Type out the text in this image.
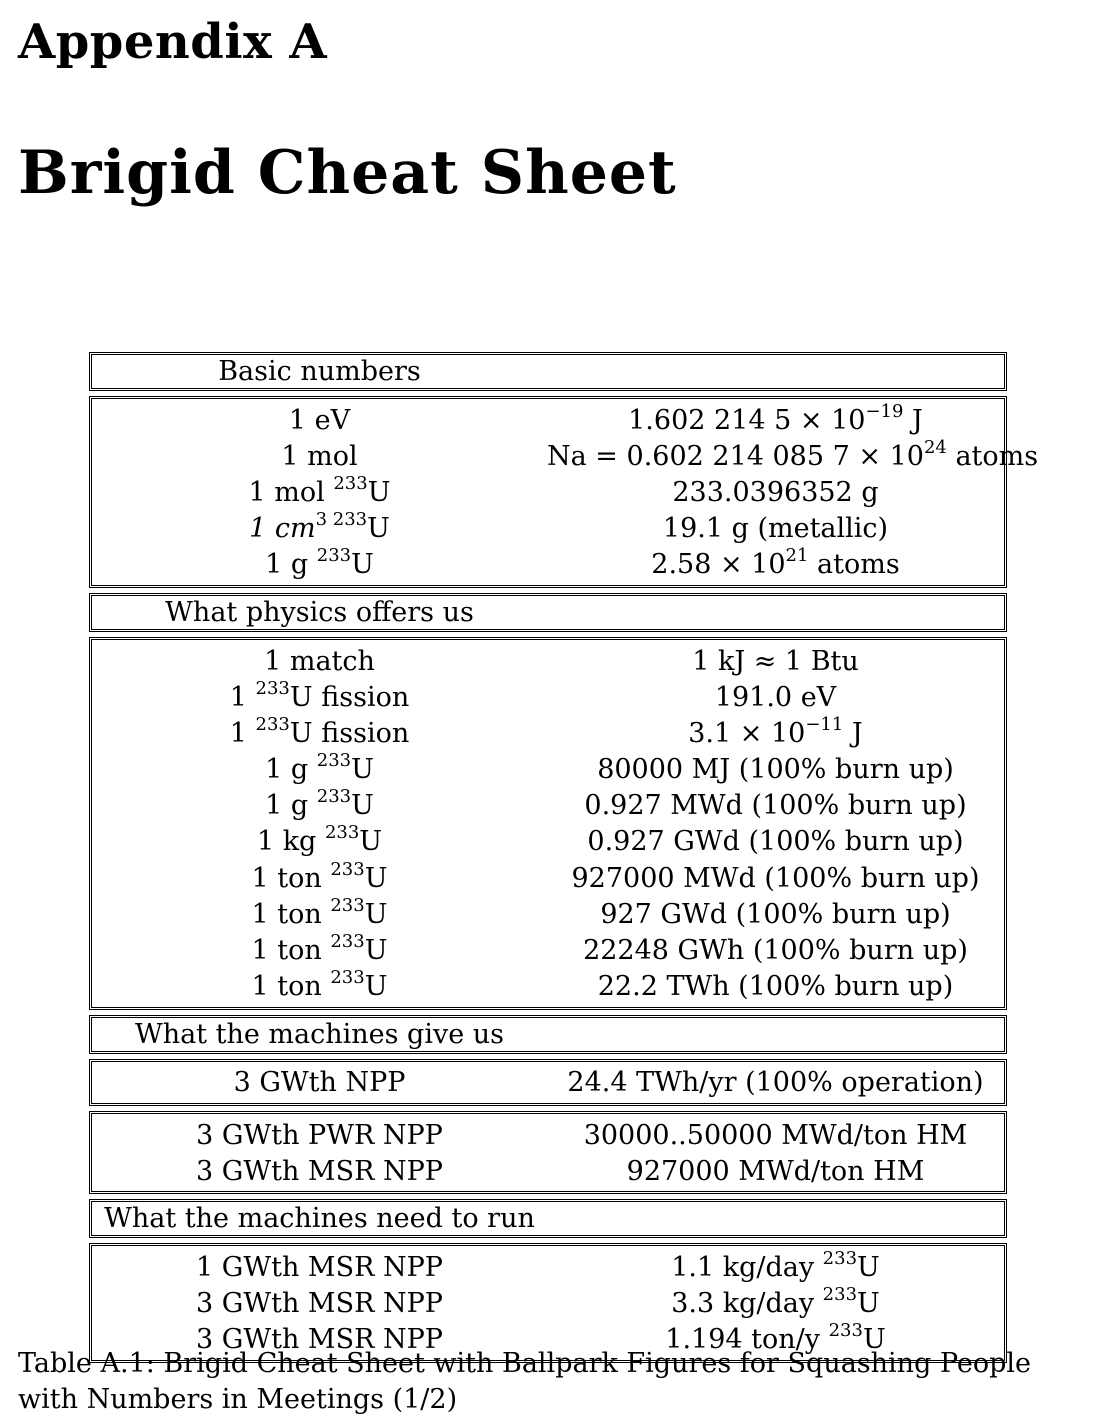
Appendix A
Brigid Cheat Sheet
Basic numbers
1 eV	1.602 214 $5 \times 10^{-19}$ J
1 mol	Na = 0.602 214 085 $7 \times 10^{24}$ atoms
1 mol $^{233}$U	233.0396352 g
1 $cm^{3 233}U$	19.1 g (metallic)
1 g $^{233}$U	$2.58 \times 10^{21}$ atoms
What physics offers us
1 match	1 kJ ≈ 1 Btu
1 $^{233}$U fission	191.0 eV
1 $^{233}$U fission	$3.1 \times 10^{-11}$ J
1 g $^{233}$U	80000 MJ (100% burn up)
1 g $^{233}$U	0.927 MWd (100% burn up)
1 kg $^{233}$U	0.927 GWd (100% burn up)
1 ton $^{233}$U	927000 MWd (100% burn up)
1 ton $^{233}$U	927 GWd (100% burn up)
1 ton $^{233}$U	22248 GWh (100% burn up)
1 ton $^{233}$U	22.2 TWh (100% burn up)
What the machines give us
3 GWth NPP	24.4 TWh/yr (100% operation)
3 GWth PWR NPP	30000..50000 MWd/ton HM
3 GWth MSR NPP	927000 MWd/ton HM
What the machines need to run
1 GWth MSR NPP	1.1 kg/day $^{233}$U
3 GWth MSR NPP	3.3 kg/day $^{233}$U
3 GWth MSR NPP	1.194 ton/y $^{233}$U
Table A.1: Brigid Cheat Sheet with Ballpark Figures for Squashing People with Numbers in Meetings (1/2)
